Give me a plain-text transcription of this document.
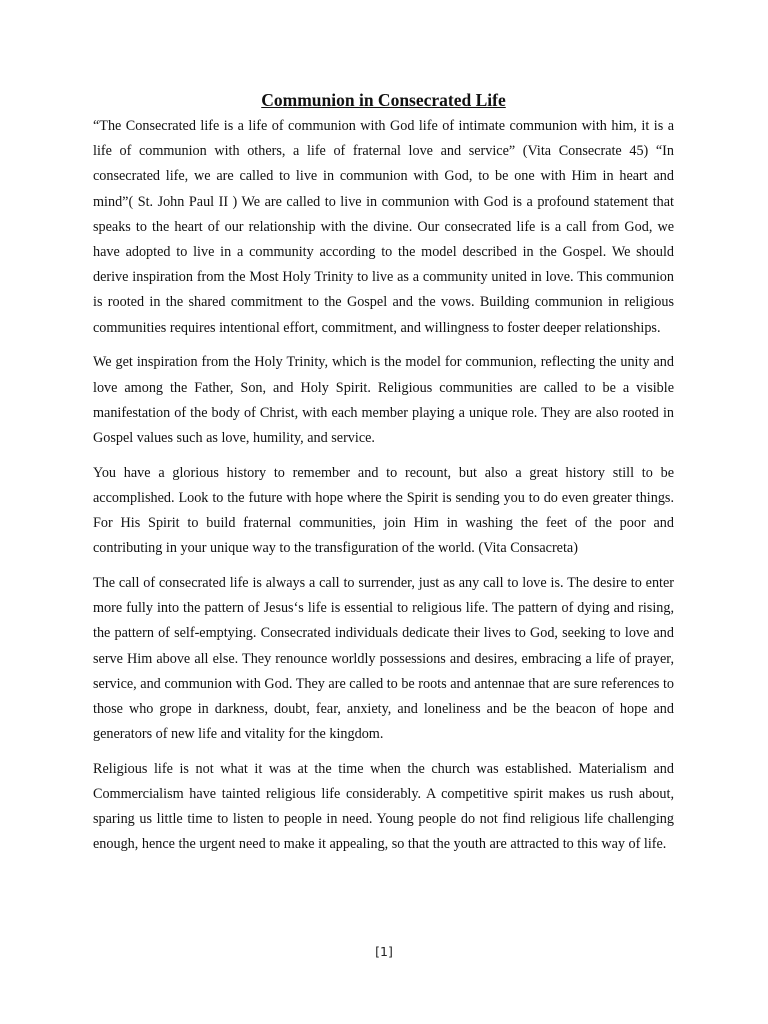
Communion in Consecrated Life

“The Consecrated life is a life of communion with God life of intimate communion with him, it is a life of communion with others, a life of fraternal love and service” (Vita Consecrate 45) “In consecrated life, we are called to live in communion with God, to be one with Him in heart and mind”( St. John Paul II ) We are called to live in communion with God is a profound statement that speaks to the heart of our relationship with the divine. Our consecrated life is a call from God, we have adopted to live in a community according to the model described in the Gospel. We should derive inspiration from the Most Holy Trinity to live as a community united in love. This communion is rooted in the shared commitment to the Gospel and the vows. Building communion in religious communities requires intentional effort, commitment, and willingness to foster deeper relationships.

We get inspiration from the Holy Trinity, which is the model for communion, reflecting the unity and love among the Father, Son, and Holy Spirit. Religious communities are called to be a visible manifestation of the body of Christ, with each member playing a unique role. They are also rooted in Gospel values such as love, humility, and service.

You have a glorious history to remember and to recount, but also a great history still to be accomplished. Look to the future with hope where the Spirit is sending you to do even greater things. For His Spirit to build fraternal communities, join Him in washing the feet of the poor and contributing in your unique way to the transfiguration of the world. (Vita Consacreta)

The call of consecrated life is always a call to surrender, just as any call to love is. The desire to enter more fully into the pattern of Jesus‘s life is essential to religious life. The pattern of dying and rising, the pattern of self-emptying. Consecrated individuals dedicate their lives to God, seeking to love and serve Him above all else. They renounce worldly possessions and desires, embracing a life of prayer, service, and communion with God. They are called to be roots and antennae that are sure references to those who grope in darkness, doubt, fear, anxiety, and loneliness and be the beacon of hope and generators of new life and vitality for the kingdom.

Religious life is not what it was at the time when the church was established. Materialism and Commercialism have tainted religious life considerably. A competitive spirit makes us rush about, sparing us little time to listen to people in need. Young people do not find religious life challenging enough, hence the urgent need to make it appealing, so that the youth are attracted to this way of life.

[1]
